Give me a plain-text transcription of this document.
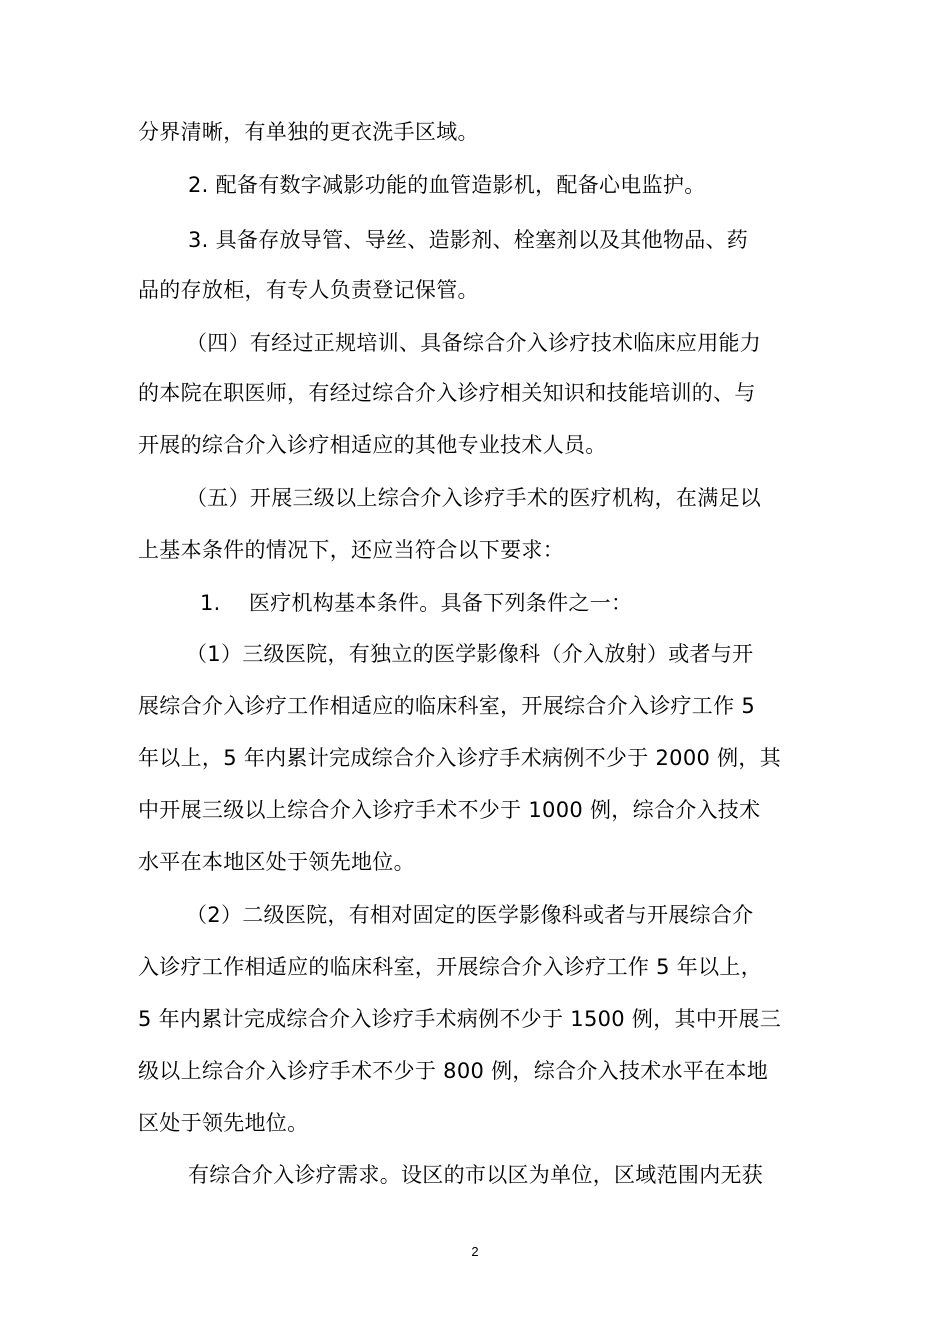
分界清晰，有单独的更衣洗手区域。
2. 配备有数字减影功能的血管造影机，配备心电监护。
3. 具备存放导管、导丝、造影剂、栓塞剂以及其他物品、药
品的存放柜，有专人负责登记保管。
（四）有经过正规培训、具备综合介入诊疗技术临床应用能力
的本院在职医师，有经过综合介入诊疗相关知识和技能培训的、与
开展的综合介入诊疗相适应的其他专业技术人员。
（五）开展三级以上综合介入诊疗手术的医疗机构，在满足以
上基本条件的情况下，还应当符合以下要求：
1.　 医疗机构基本条件。具备下列条件之一：
（1）三级医院，有独立的医学影像科（介入放射）或者与开
展综合介入诊疗工作相适应的临床科室，开展综合介入诊疗工作 5
年以上，5 年内累计完成综合介入诊疗手术病例不少于 2000 例，其
中开展三级以上综合介入诊疗手术不少于 1000 例，综合介入技术
水平在本地区处于领先地位。
（2）二级医院，有相对固定的医学影像科或者与开展综合介
入诊疗工作相适应的临床科室，开展综合介入诊疗工作 5 年以上，
5 年内累计完成综合介入诊疗手术病例不少于 1500 例，其中开展三
级以上综合介入诊疗手术不少于 800 例，综合介入技术水平在本地
区处于领先地位。
有综合介入诊疗需求。设区的市以区为单位，区域范围内无获
2
